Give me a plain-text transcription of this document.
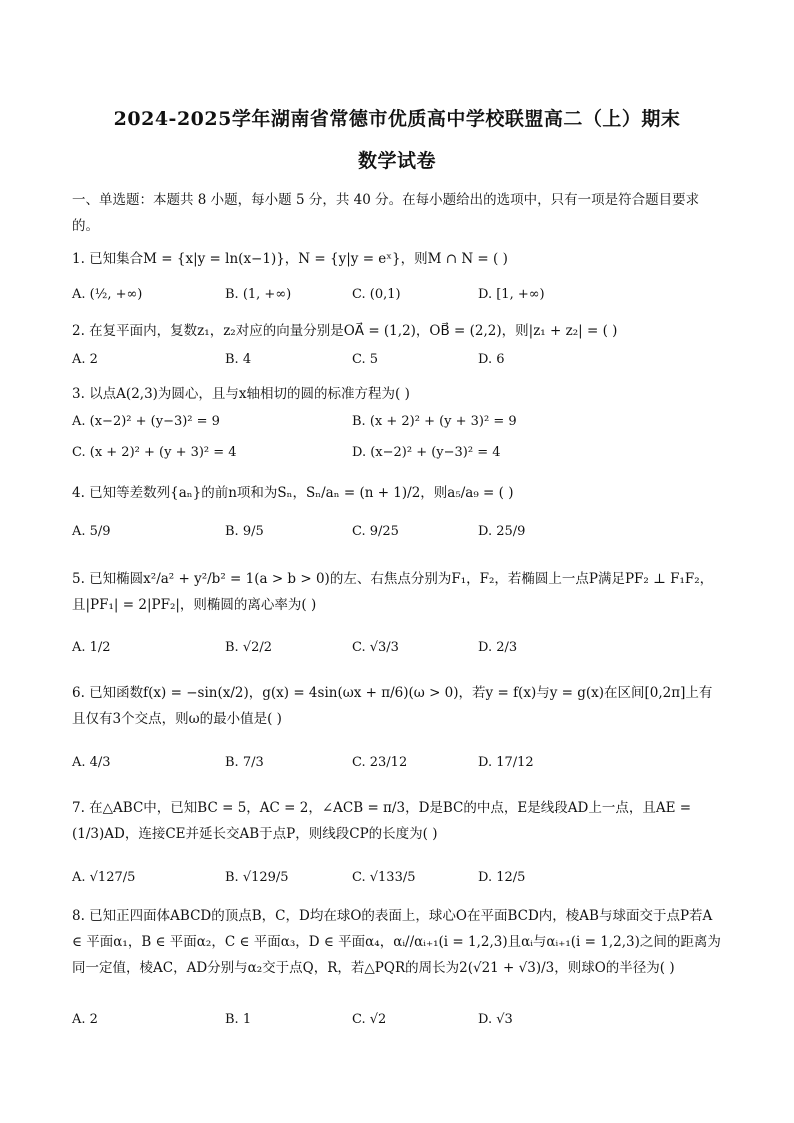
2024-2025学年湖南省常德市优质高中学校联盟高二（上）期末
数学试卷
一、单选题：本题共 8 小题，每小题 5 分，共 40 分。在每小题给出的选项中，只有一项是符合题目要求的。
1. 已知集合M = {x|y = ln(x−1)}，N = {y|y = eˣ}，则M ∩ N = ( )
A. (½, +∞)	B. (1, +∞)	C. (0,1)	D. [1, +∞)
2. 在复平面内，复数z₁，z₂对应的向量分别是OA⃗ = (1,2)，OB⃗ = (2,2)，则|z₁ + z₂| = ( )
A. 2	B. 4	C. 5	D. 6
3. 以点A(2,3)为圆心，且与x轴相切的圆的标准方程为( )
A. (x−2)² + (y−3)² = 9	B. (x + 2)² + (y + 3)² = 9
C. (x + 2)² + (y + 3)² = 4	D. (x−2)² + (y−3)² = 4
4. 已知等差数列{aₙ}的前n项和为Sₙ，Sₙ/aₙ = (n + 1)/2，则a₅/a₉ = ( )
A. 5/9	B. 9/5	C. 9/25	D. 25/9
5. 已知椭圆x²/a² + y²/b² = 1(a > b > 0)的左、右焦点分别为F₁，F₂，若椭圆上一点P满足PF₂ ⊥ F₁F₂，且|PF₁| = 2|PF₂|，则椭圆的离心率为( )
A. 1/2	B. √2/2	C. √3/3	D. 2/3
6. 已知函数f(x) = −sin(x/2)，g(x) = 4sin(ωx + π/6)(ω > 0)，若y = f(x)与y = g(x)在区间[0,2π]上有且仅有3个交点，则ω的最小值是( )
A. 4/3	B. 7/3	C. 23/12	D. 17/12
7. 在△ABC中，已知BC = 5，AC = 2，∠ACB = π/3，D是BC的中点，E是线段AD上一点，且AE = (1/3)AD，连接CE并延长交AB于点P，则线段CP的长度为( )
A. √127/5	B. √129/5	C. √133/5	D. 12/5
8. 已知正四面体ABCD的顶点B，C，D均在球O的表面上，球心O在平面BCD内，棱AB与球面交于点P若A ∈ 平面α₁，B ∈ 平面α₂，C ∈ 平面α₃，D ∈ 平面α₄，αᵢ//αᵢ₊₁(i = 1,2,3)且αᵢ与αᵢ₊₁(i = 1,2,3)之间的距离为同一定值，棱AC，AD分别与α₂交于点Q，R，若△PQR的周长为2(√21 + √3)/3，则球O的半径为( )
A. 2	B. 1	C. √2	D. √3
